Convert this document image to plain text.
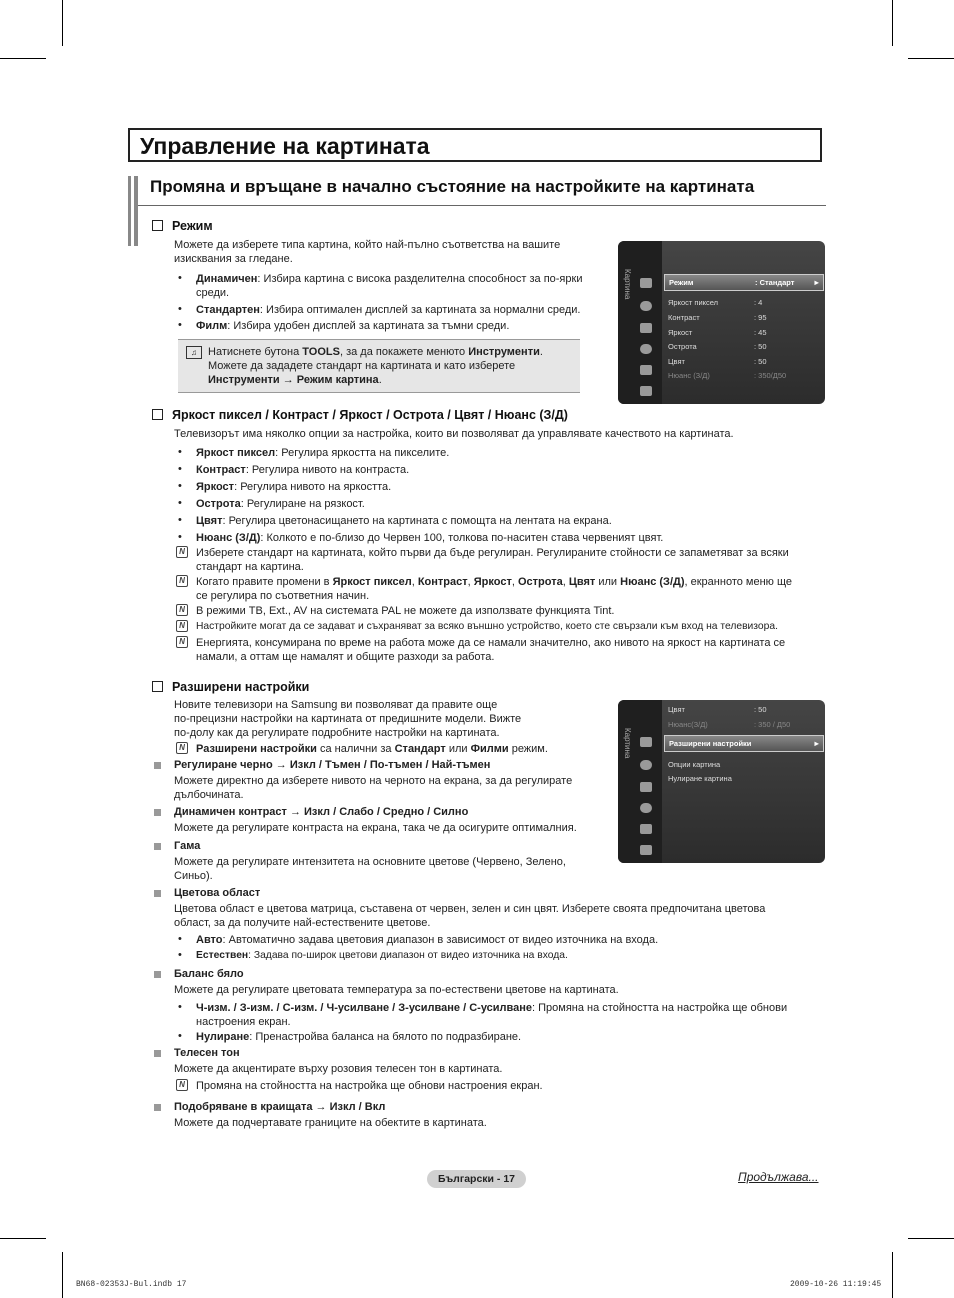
Управление на картината
Промяна и връщане в начално състояние на настройките на картината
Режим
Можете да изберете типа картина, който най-пълно съответства на вашите
изисквания за гледане.
• Динамичен: Избира картина с висока разделителна способност за по-ярки
среди.
• Стандартен: Избира оптимален дисплей за картината за нормални среди.
• Филм: Избира удобен дисплей за картината за тъмни среди.
♫	Натиснете бутона TOOLS, за да покажете менюто Инструменти.
Можете да зададете стандарт на картината и като изберете
Инструменти → Режим картина.
Картина	Режим	: Стандарт ►
Яркост пиксел	: 4
Контраст	: 95
Яркост	: 45
Острота	: 50
Цвят	: 50
Нюанс (З/Д)	: 350/Д50
Яркост пиксел / Контраст / Яркост / Острота / Цвят / Нюанс (З/Д)
Телевизорът има няколко опции за настройка, които ви позволяват да управлявате качеството на картината.
• Яркост пиксел: Регулира яркостта на пикселите.
• Контраст: Регулира нивото на контраста.
• Яркост: Регулира нивото на яркостта.
• Острота: Регулиране на рязкост.
• Цвят: Регулира цветонасищането на картината с помощта на лентата на екрана.
• Нюанс (З/Д): Колкото е по-близо до Червен 100, толкова по-наситен става червеният цвят.
N Изберете стандарт на картината, който първи да бъде регулиран. Регулираните стойности се запаметяват за всяки
стандарт на картина.
N Когато правите промени в Яркост пиксел, Контраст, Яркост, Острота, Цвят или Нюанс (З/Д), екранното меню ще
се регулира по съответния начин.
N В режими ТВ, Ext., AV на системата PAL не можете да използвате функцията Tint.
N	Настройките могат да се задават и съхраняват за всяко външно устройство, което сте свързали към вход на телевизора.
N Енергията, консумирана по време на работа може да се намали значително, ако нивото на яркост на картината се
намали, а оттам ще намалят и общите разходи за работа.
Разширени настройки
Новите телевизори на Samsung ви позволяват да правите още
по-прецизни настройки на картината от предишните модели. Вижте
по-долу как да регулирате подробните настройки на картината.
N Разширени настройки са налични за Стандарт или Филми режим.
Регулиране черно → Изкл / Тъмен / По-тъмен / Най-тъмен
Можете директно да изберете нивото на черното на екрана, за да регулирате
дълбочината.
Динамичен контраст → Изкл / Слабо / Средно / Силно
Можете да регулирате контраста на екрана, така че да осигурите оптималния.
Гама
Можете да регулирате интензитета на основните цветове (Червено, Зелено,
Синьо).
Цветова област
Цветова област е цветова матрица, съставена от червен, зелен и син цвят. Изберете своята предпочитана цветова
област, за да получите най-естествените цветове.
• Авто: Автоматично задава цветовия диапазон в зависимост от видео източника на входа.
• Естествен: Задава по-широк цветови диапазон от видео източника на входа.
Баланс бяло
Можете да регулирате цветовата температура за по-естествени цветове на картината.
• Ч-изм. / З-изм. / С-изм. / Ч-усилване / З-усилване / С-усилване: Промяна на стойността на настройка ще обнови
настроения екран.
• Нулиране: Пренастройва баланса на бялото по подразбиране.
Телесен тон
Можете да акцентирате върху розовия телесен тон в картината.
N Промяна на стойността на настройка ще обнови настроения екран.
Подобряване в краищата → Изкл / Вкл
Можете да подчертавате границите на обектите в картината.
Картина
Цвят	: 50
Нюанс(З/Д)	: 350 / Д50
Разширени настройки	►
Опции картина
Нулиране картина
Български - 17	Продължава...
BN68-02353J-Bul.indb 17	2009-10-26 11:19:45
